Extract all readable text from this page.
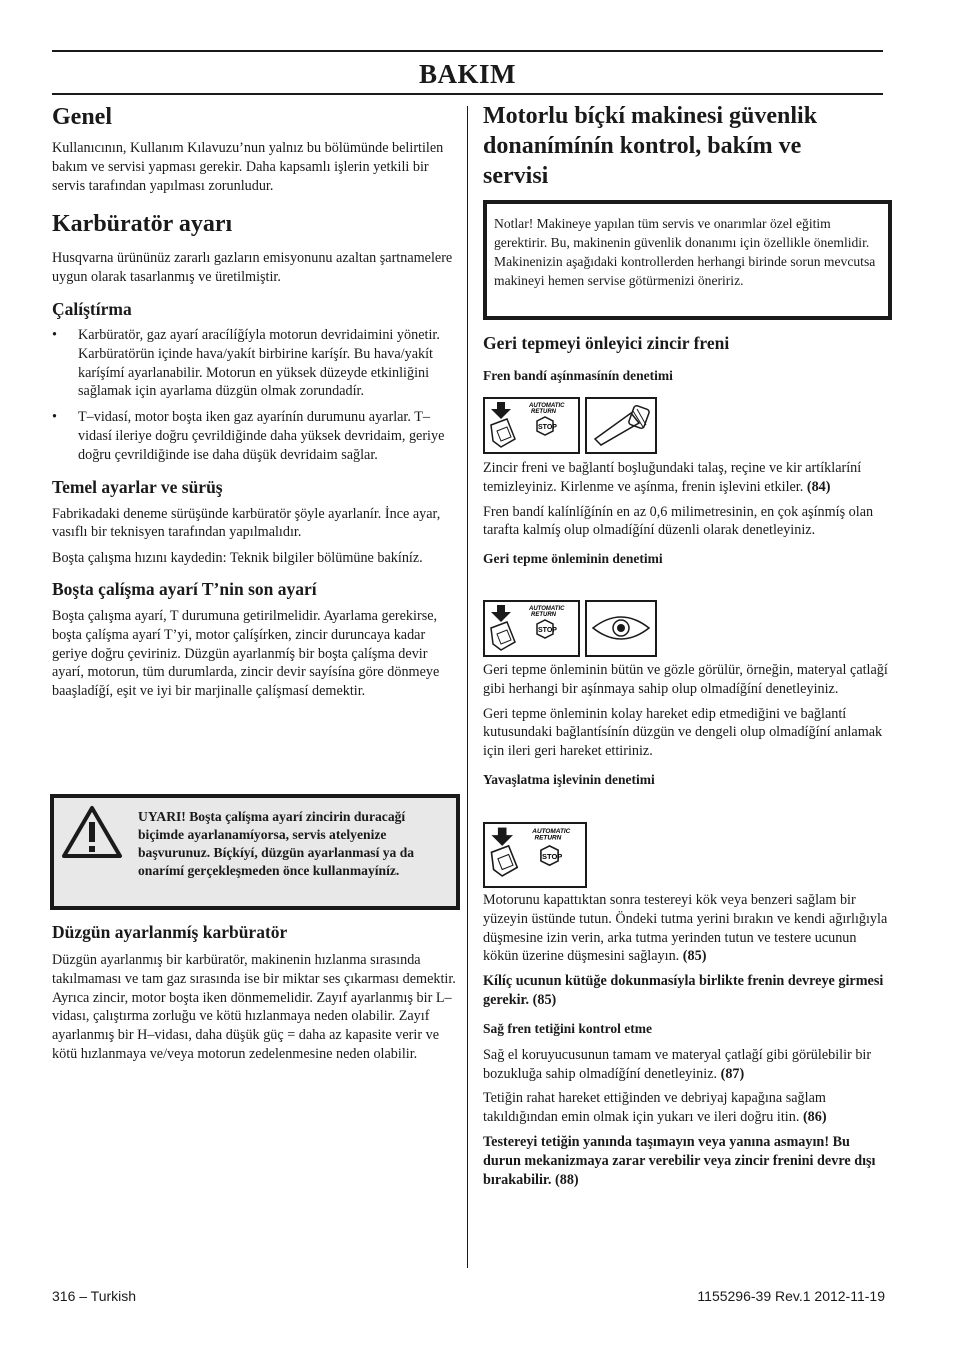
BAKIM
Genel

Kullanıcının, Kullanım Kılavuzu’nun yalnız bu bölümünde belirtilen bakım ve servisi yapması gerekir. Daha kapsamlı işlerin yetkili bir servis tarafından yapılması zorunludur.

Karbüratör ayarı

Husqvarna ürününüz zararlı gazların emisyonunu azaltan şartnamelere uygun olarak tasarlanmış ve üretilmiştir.

Çalíştírma
• Karbüratör, gaz ayarí aracílíğíyla motorun devridaimini yönetir. Karbüratörün içinde hava/yakít birbirine karíşír. Bu hava/yakít karíşímí ayarlanabilir. Motorun en yüksek düzeyde etkinliğini sağlamak için ayarlama düzgün olmak zorundadír.
• T–vidasí, motor boşta iken gaz ayarínín durumunu ayarlar. T–vidasí ileriye doğru çevrildiğinde daha yüksek devridaim, geriye doğru çevrildiğinde ise daha düşük devridaim sağlar.
Temel ayarlar ve sürüş

Fabrikadaki deneme sürüşünde karbüratör şöyle ayarlanír. İnce ayar, vasıflı bir teknisyen tarafından yapılmalıdır.

Boşta çalışma hızını kaydedin: Teknik bilgiler bölümüne bakíníz.

Boşta çalíşma ayarí T’nin son ayarí

Boşta çalışma ayarí, T durumuna getirilmelidir. Ayarlama gerekirse, boşta çalíşma ayarí T’yi, motor çalíşírken, zincir duruncaya kadar geriye doğru çeviriniz. Düzgün ayarlanmíş bir boşta çalíşma devir ayarí, motorun, tüm durumlarda, zincir devir sayísína göre dönmeye baaşladíğí, eşit ve iyi bir marjinalle çalíşmasí demektir.

UYARI! Boşta çalíşma ayarí zincirin duracağí biçimde ayarlanamíyorsa, servis atelyenize başvurunuz. Bíçkíyí, düzgün ayarlanmasí ya da onarímí gerçekleşmeden önce kullanmayíníz.
Düzgün ayarlanmíş karbüratör

Düzgün ayarlanmış bir karbüratör, makinenin hızlanma sırasında takılmaması ve tam gaz sırasında ise bir miktar ses çıkarması demektir. Ayrıca zincir, motor boşta iken dönmemelidir. Zayıf ayarlanmış bir L–vidası, çalıştırma zorluğu ve kötü hızlanmaya neden olabilir. Zayıf ayarlanmış bir H–vidası, daha düşük güç = daha az kapasite verir ve kötü hızlanmaya ve/veya motorun zedelenmesine neden olabilir.

Motorlu bíçkí makinesi güvenlik donanímínín kontrol, bakím ve servisi
Notlar! Makineye yapılan tüm servis ve onarımlar özel eğitim gerektirir. Bu, makinenin güvenlik donanımı için özellikle önemlidir. Makinenizin aşağıdaki kontrollerden herhangi birinde sorun mevcutsa makineyi hemen servise götürmenizi öneririz.
Geri tepmeyi önleyici zincir freni
Fren bandí aşínmasínín denetimi
AUTOMATIC
RETURN
STOP

Zincir freni ve bağlantí boşluğundaki talaş, reçine ve kir artíklaríní temizleyiniz. Kirlenme ve aşínma, frenin işlevini etkiler. (84)

Fren bandí kalínlíğínín en az 0,6 milimetresinin, en çok aşínmíş olan tarafta kalmíş olup olmadíğíní düzenli olarak denetleyiniz.

Geri tepme önleminin denetimi
AUTOMATIC
RETURN
STOP

Geri tepme önleminin bütün ve gözle görülür, örneğin, materyal çatlağí gibi herhangi bir aşínmaya sahip olup olmadíğíní denetleyiniz.

Geri tepme önleminin kolay hareket edip etmediğini ve bağlantí kutusundaki bağlantísínín düzgün ve dengeli olup olmadíğíní anlamak için ileri geri hareket ettiriniz.

Yavaşlatma işlevinin denetimi
AUTOMATIC
RETURN
STOP

Motorunu kapattıktan sonra testereyi kök veya benzeri sağlam bir yüzeyin üstünde tutun. Öndeki tutma yerini bırakın ve kendi ağırlığıyla düşmesine izin verin, arka tutma yerinden tutun ve testere ucunun kökün üzerine düşmesini sağlayın. (85)

Kílíç ucunun kütüğe dokunmasíyla birlikte frenin devreye girmesi gerekir. (85)

Sağ fren tetiğini kontrol etme

Sağ el koruyucusunun tamam ve materyal çatlağí gibi görülebilir bir bozukluğa sahip olmadíğíní denetleyiniz. (87)

Tetiğin rahat hareket ettiğinden ve debriyaj kapağına sağlam takıldığından emin olmak için yukarı ve ileri doğru itin. (86)

Testereyi tetiğin yanında taşımayın veya yanına asmayın! Bu durun mekanizmaya zarar verebilir veya zincir frenini devre dışı bırakabilir. (88)

316 – Turkish	1155296-39 Rev.1 2012-11-19
